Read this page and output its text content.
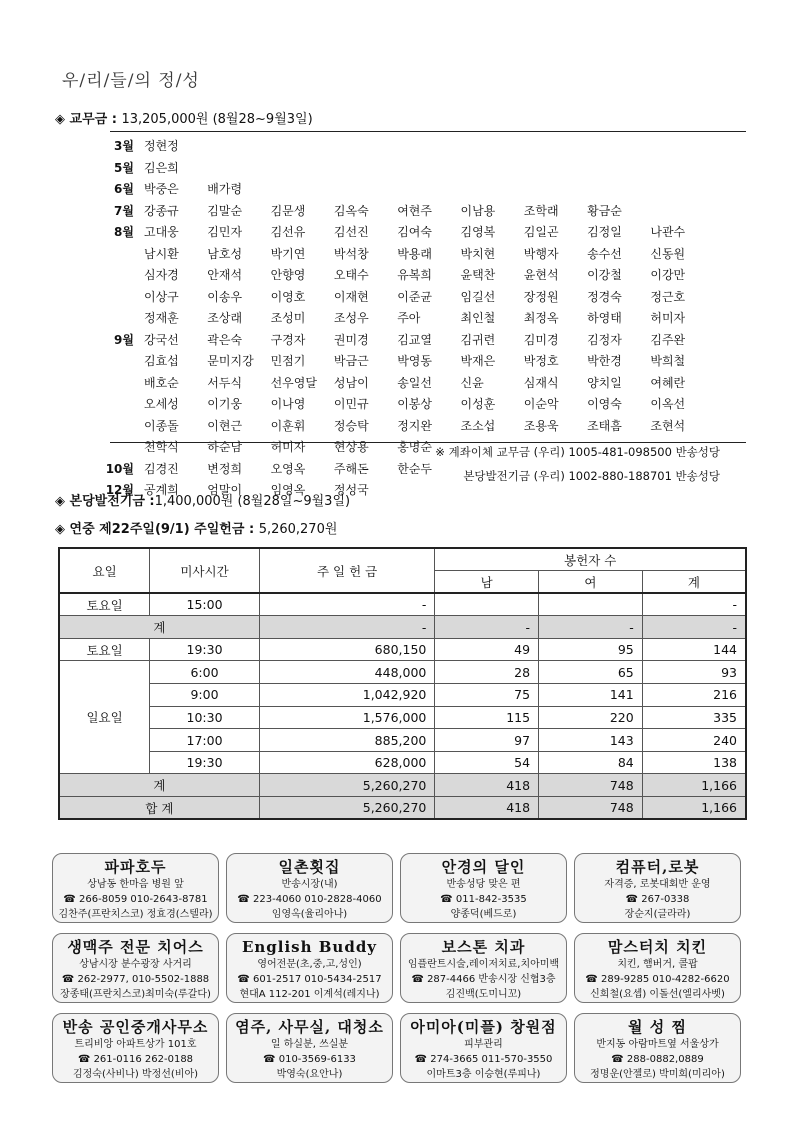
우/리/들/의 정/성
◈ 교무금 : 13,205,000원 (8월28~9월3일)
3월 정현정
5월 김은희
6월 박중은	배가령
7월 강종규	김말순	김문생	김옥숙	여현주	이남용	조학래	황금순
8월 고대웅	김민자	김선유	김선진	김여숙	김영복	김일곤	김정일	나관수
남시환	남호성	박기연	박석창	박용래	박치현	박행자	송수선	신동원
심자경	안재석	안향영	오태수	유복희	윤택찬	윤현석	이강철	이강만
이상구	이송우	이영호	이재현	이준균	임길선	장정원	정경숙	정근호
정재훈	조상래	조성미	조성우	주아	최인철	최정옥	하영태	허미자
9월 강국선	곽은숙	구경자	권미경	김교열	김귀련	김미경	김정자	김주완
김효섭	문미지강	민점기	박금근	박영동	박재은	박정호	박한경	박희철
배호순	서두식	선우영달	성남이	송일선	신윤	심재식	양치일	여혜란
오세성	이기웅	이나영	이민규	이봉상	이성훈	이순악	이영숙	이옥선
이종돌	이현근	이훈휘	정승탁	정지완	조소섭	조용욱	조태흠	조현석
천학식	하순남	허미자	현상용	홍명순
10월 김경진	변정희	오영옥	주해돈	한순두
12월 공계희	엄말이	임영옥	정성국
※ 계좌이체 교무금 (우리) 1005-481-098500 반송성당
본당발전기금 (우리) 1002-880-188701 반송성당
◈ 본당발전기금 :1,400,000원 (8월28일~9월3일)
◈ 연중 제22주일(9/1) 주일헌금 : 5,260,270원
요일	미사시간	주 일 헌 금	봉헌자 수		
			남	여	계
토요일	15:00	-			-
계		-	-	-	-
토요일	19:30	680,150	49	95	144
일요일	6:00	448,000	28	65	93
	9:00	1,042,920	75	141	216
	10:30	1,576,000	115	220	335
	17:00	885,200	97	143	240
	19:30	628,000	54	84	138
계		5,260,270	418	748	1,166
합 계		5,260,270	418	748	1,166
파파호두
상남동 한마음 병원 앞
☎ 266-8059 010-2643-8781
김찬주(프란치스코) 정효경(스텔라)
일촌횟집
반송시장(내)
☎ 223-4060 010-2828-4060
임영옥(율리아나)
안경의 달인
반송성당 맞은 편
☎ 011-842-3535
양종덕(베드로)
컴퓨터,로봇
자격증, 로봇대회반 운영
☎ 267-0338
장순지(글라라)
생맥주 전문 치어스
상남시장 분수광장 사거리
☎ 262-2977, 010-5502-1888
장종태(프란치스코)최미숙(루갈다)
English Buddy
영어전문(초,중,고,성인)
☎ 601-2517 010-5434-2517
현대A 112-201 이계석(레지나)
보스톤 치과
임플란트시술,레이저치료,치아미백
☎ 287-4466 반송시장 신협3층
김진백(도미니꼬)
맘스터치 치킨
치킨, 햄버거, 콜팝
☎ 289-9285 010-4282-6620
신희철(요셉) 이돌선(엘리사벳)
반송 공인중개사무소
트리비앙 아파트상가 101호
☎ 261-0116 262-0188
김정숙(사비나) 박정선(비아)
염주, 사무실, 대청소
일 하실분, 쓰실분
☎ 010-3569-6133
박영숙(요안나)
아미아(미플) 창원점
피부관리
☎ 274-3665 011-570-3550
이마트3층 이승현(루피나)
월 성 찜
반지동 아람마트옆 서울상가
☎ 288-0882,0889
정명운(안젤로) 박미희(미리아)
